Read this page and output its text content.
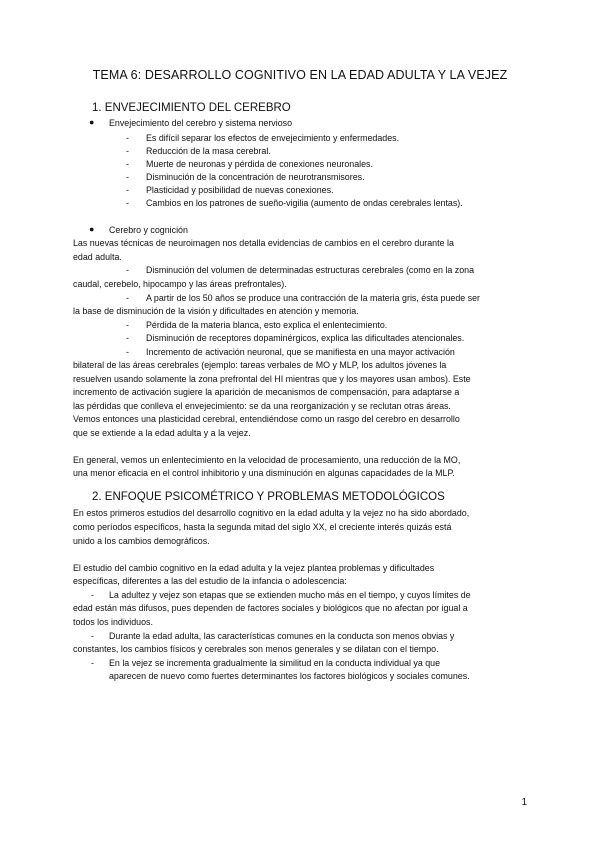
TEMA 6: DESARROLLO COGNITIVO EN LA EDAD ADULTA Y LA VEJEZ
1. ENVEJECIMIENTO DEL CEREBRO
● Envejecimiento del cerebro y sistema nervioso
- Es difícil separar los efectos de envejecimiento y enfermedades.
- Reducción de la masa cerebral.
- Muerte de neuronas y pérdida de conexiones neuronales.
- Disminución de la concentración de neurotransmisores.
- Plasticidad y posibilidad de nuevas conexiones.
- Cambios en los patrones de sueño-vigilia (aumento de ondas cerebrales lentas).
● Cerebro y cognición
Las nuevas técnicas de neuroimagen nos detalla evidencias de cambios en el cerebro durante la
edad adulta.
- Disminución del volumen de determinadas estructuras cerebrales (como en la zona
caudal, cerebelo, hipocampo y las áreas prefrontales).
- A partir de los 50 años se produce una contracción de la materia gris, ésta puede ser
la base de disminución de la visión y dificultades en atención y memoria.
- Pérdida de la materia blanca, esto explica el enlentecimiento.
- Disminución de receptores dopaminérgicos, explica las dificultades atencionales.
- Incremento de activación neuronal, que se manifiesta en una mayor activación
bilateral de las áreas cerebrales (ejemplo: tareas verbales de MO y MLP, los adultos jóvenes la
resuelven usando solamente la zona prefrontal del HI mientras que y los mayores usan ambos). Este
incremento de activación sugiere la aparición de mecanismos de compensación, para adaptarse a
las pérdidas que conlleva el envejecimiento: se da una reorganización y se reclutan otras áreas.
Vemos entonces una plasticidad cerebral, entendiéndose como un rasgo del cerebro en desarrollo
que se extiende a la edad adulta y a la vejez.
En general, vemos un enlentecimiento en la velocidad de procesamiento, una reducción de la MO,
una menor eficacia en el control inhibitorio y una disminución en algunas capacidades de la MLP.
2. ENFOQUE PSICOMÉTRICO Y PROBLEMAS METODOLÓGICOS
En estos primeros estudios del desarrollo cognitivo en la edad adulta y la vejez no ha sido abordado,
como períodos específicos, hasta la segunda mitad del siglo XX, el creciente interés quizás está
unido a los cambios demográficos.
El estudio del cambio cognitivo en la edad adulta y la vejez plantea problemas y dificultades
específicas, diferentes a las del estudio de la infancia o adolescencia:
- La adultez y vejez son etapas que se extienden mucho más en el tiempo, y cuyos límites de
edad están más difusos, pues dependen de factores sociales y biológicos que no afectan por igual a
todos los individuos.
- Durante la edad adulta, las características comunes en la conducta son menos obvias y
constantes, los cambios físicos y cerebrales son menos generales y se dilatan con el tiempo.
- En la vejez se incrementa gradualmente la similitud en la conducta individual ya que
aparecen de nuevo como fuertes determinantes los factores biológicos y sociales comunes.
1
